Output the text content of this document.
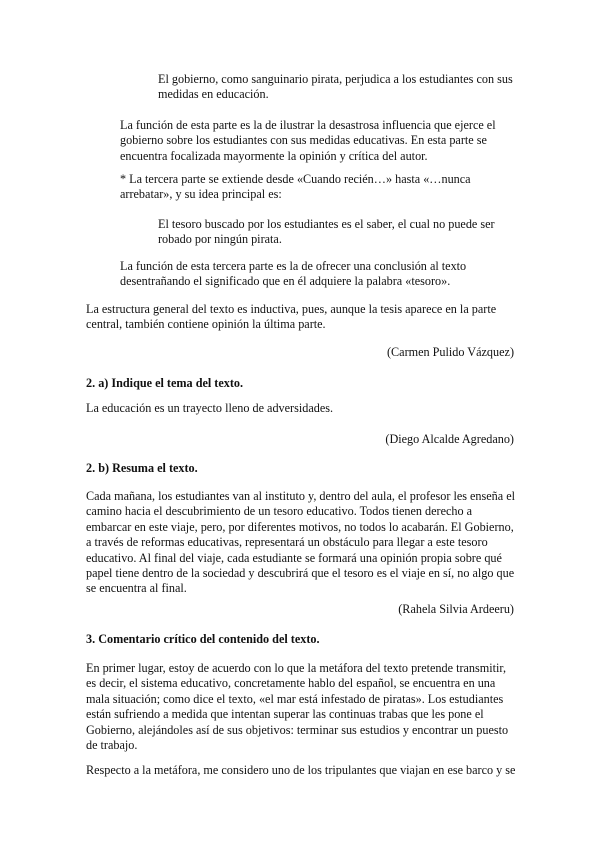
El gobierno, como sanguinario pirata, perjudica a los estudiantes con sus medidas en educación.

La función de esta parte es la de ilustrar la desastrosa influencia que ejerce el gobierno sobre los estudiantes con sus medidas educativas. En esta parte se encuentra focalizada mayormente la opinión y crítica del autor.

* La tercera parte se extiende desde «Cuando recién…» hasta «…nunca arrebatar», y su idea principal es:

El tesoro buscado por los estudiantes es el saber, el cual no puede ser robado por ningún pirata.

La función de esta tercera parte es la de ofrecer una conclusión al texto desentrañando el significado que en él adquiere la palabra «tesoro».

La estructura general del texto es inductiva, pues, aunque la tesis aparece en la parte central, también contiene opinión la última parte.

(Carmen Pulido Vázquez)

2. a) Indique el tema del texto.

La educación es un trayecto lleno de adversidades.

(Diego Alcalde Agredano)

2. b) Resuma el texto.

Cada mañana, los estudiantes van al instituto y, dentro del aula, el profesor les enseña el camino hacia el descubrimiento de un tesoro educativo. Todos tienen derecho a embarcar en este viaje, pero, por diferentes motivos, no todos lo acabarán. El Gobierno, a través de reformas educativas, representará un obstáculo para llegar a este tesoro educativo. Al final del viaje, cada estudiante se formará una opinión propia sobre qué papel tiene dentro de la sociedad y descubrirá que el tesoro es el viaje en sí, no algo que se encuentra al final.

(Rahela Silvia Ardeeru)

3. Comentario crítico del contenido del texto.

En primer lugar, estoy de acuerdo con lo que la metáfora del texto pretende transmitir, es decir, el sistema educativo, concretamente hablo del español, se encuentra en una mala situación; como dice el texto, «el mar está infestado de piratas». Los estudiantes están sufriendo a medida que intentan superar las continuas trabas que les pone el Gobierno, alejándoles así de sus objetivos: terminar sus estudios y encontrar un puesto de trabajo.

Respecto a la metáfora, me considero uno de los tripulantes que viajan en ese barco y se
